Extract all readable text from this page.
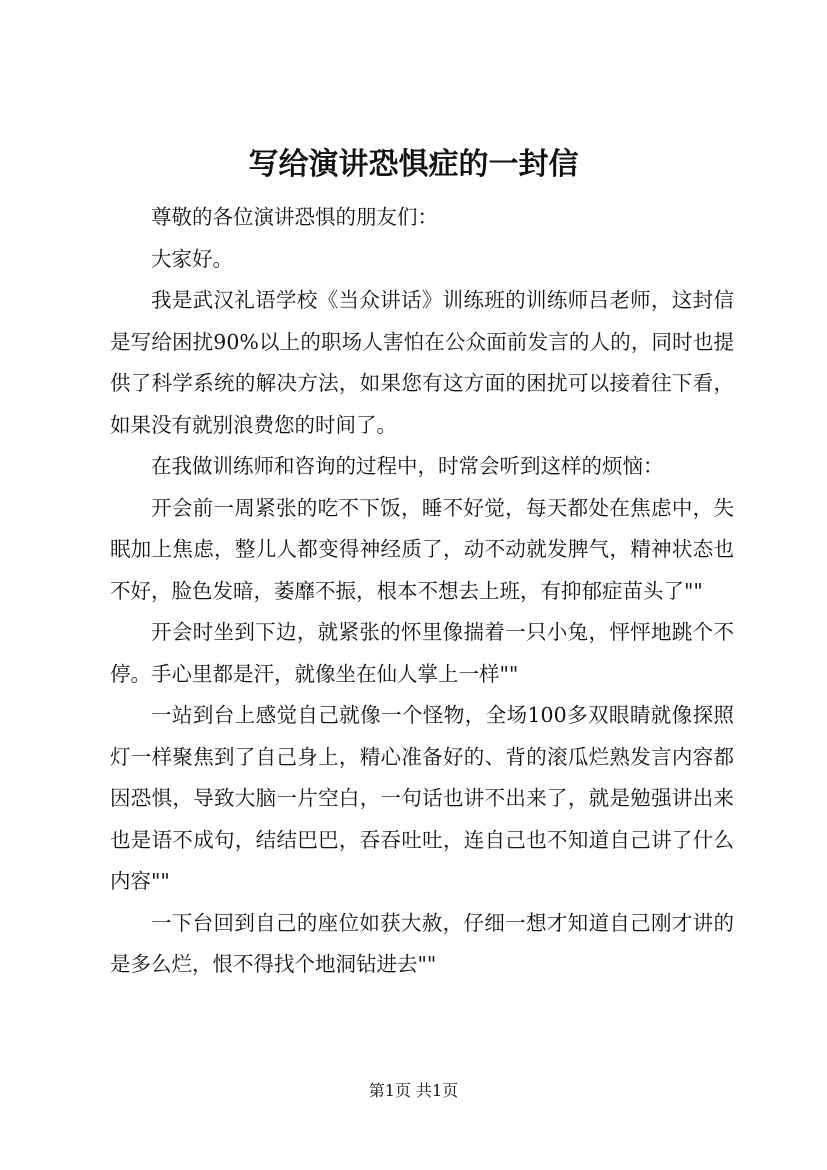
写给演讲恐惧症的一封信

尊敬的各位演讲恐惧的朋友们：

大家好。

我是武汉礼语学校《当众讲话》训练班的训练师吕老师，这封信是写给困扰90%以上的职场人害怕在公众面前发言的人的，同时也提供了科学系统的解决方法，如果您有这方面的困扰可以接着往下看，如果没有就别浪费您的时间了。

在我做训练师和咨询的过程中，时常会听到这样的烦恼：

开会前一周紧张的吃不下饭，睡不好觉，每天都处在焦虑中，失眠加上焦虑，整儿人都变得神经质了，动不动就发脾气，精神状态也不好，脸色发暗，萎靡不振，根本不想去上班，有抑郁症苗头了""

开会时坐到下边，就紧张的怀里像揣着一只小兔，怦怦地跳个不停。手心里都是汗，就像坐在仙人掌上一样""

一站到台上感觉自己就像一个怪物，全场100多双眼睛就像探照灯一样聚焦到了自己身上，精心准备好的、背的滚瓜烂熟发言内容都因恐惧，导致大脑一片空白，一句话也讲不出来了，就是勉强讲出来也是语不成句，结结巴巴，吞吞吐吐，连自己也不知道自己讲了什么内容""

一下台回到自己的座位如获大赦，仔细一想才知道自己刚才讲的是多么烂，恨不得找个地洞钻进去""

第1页 共1页
